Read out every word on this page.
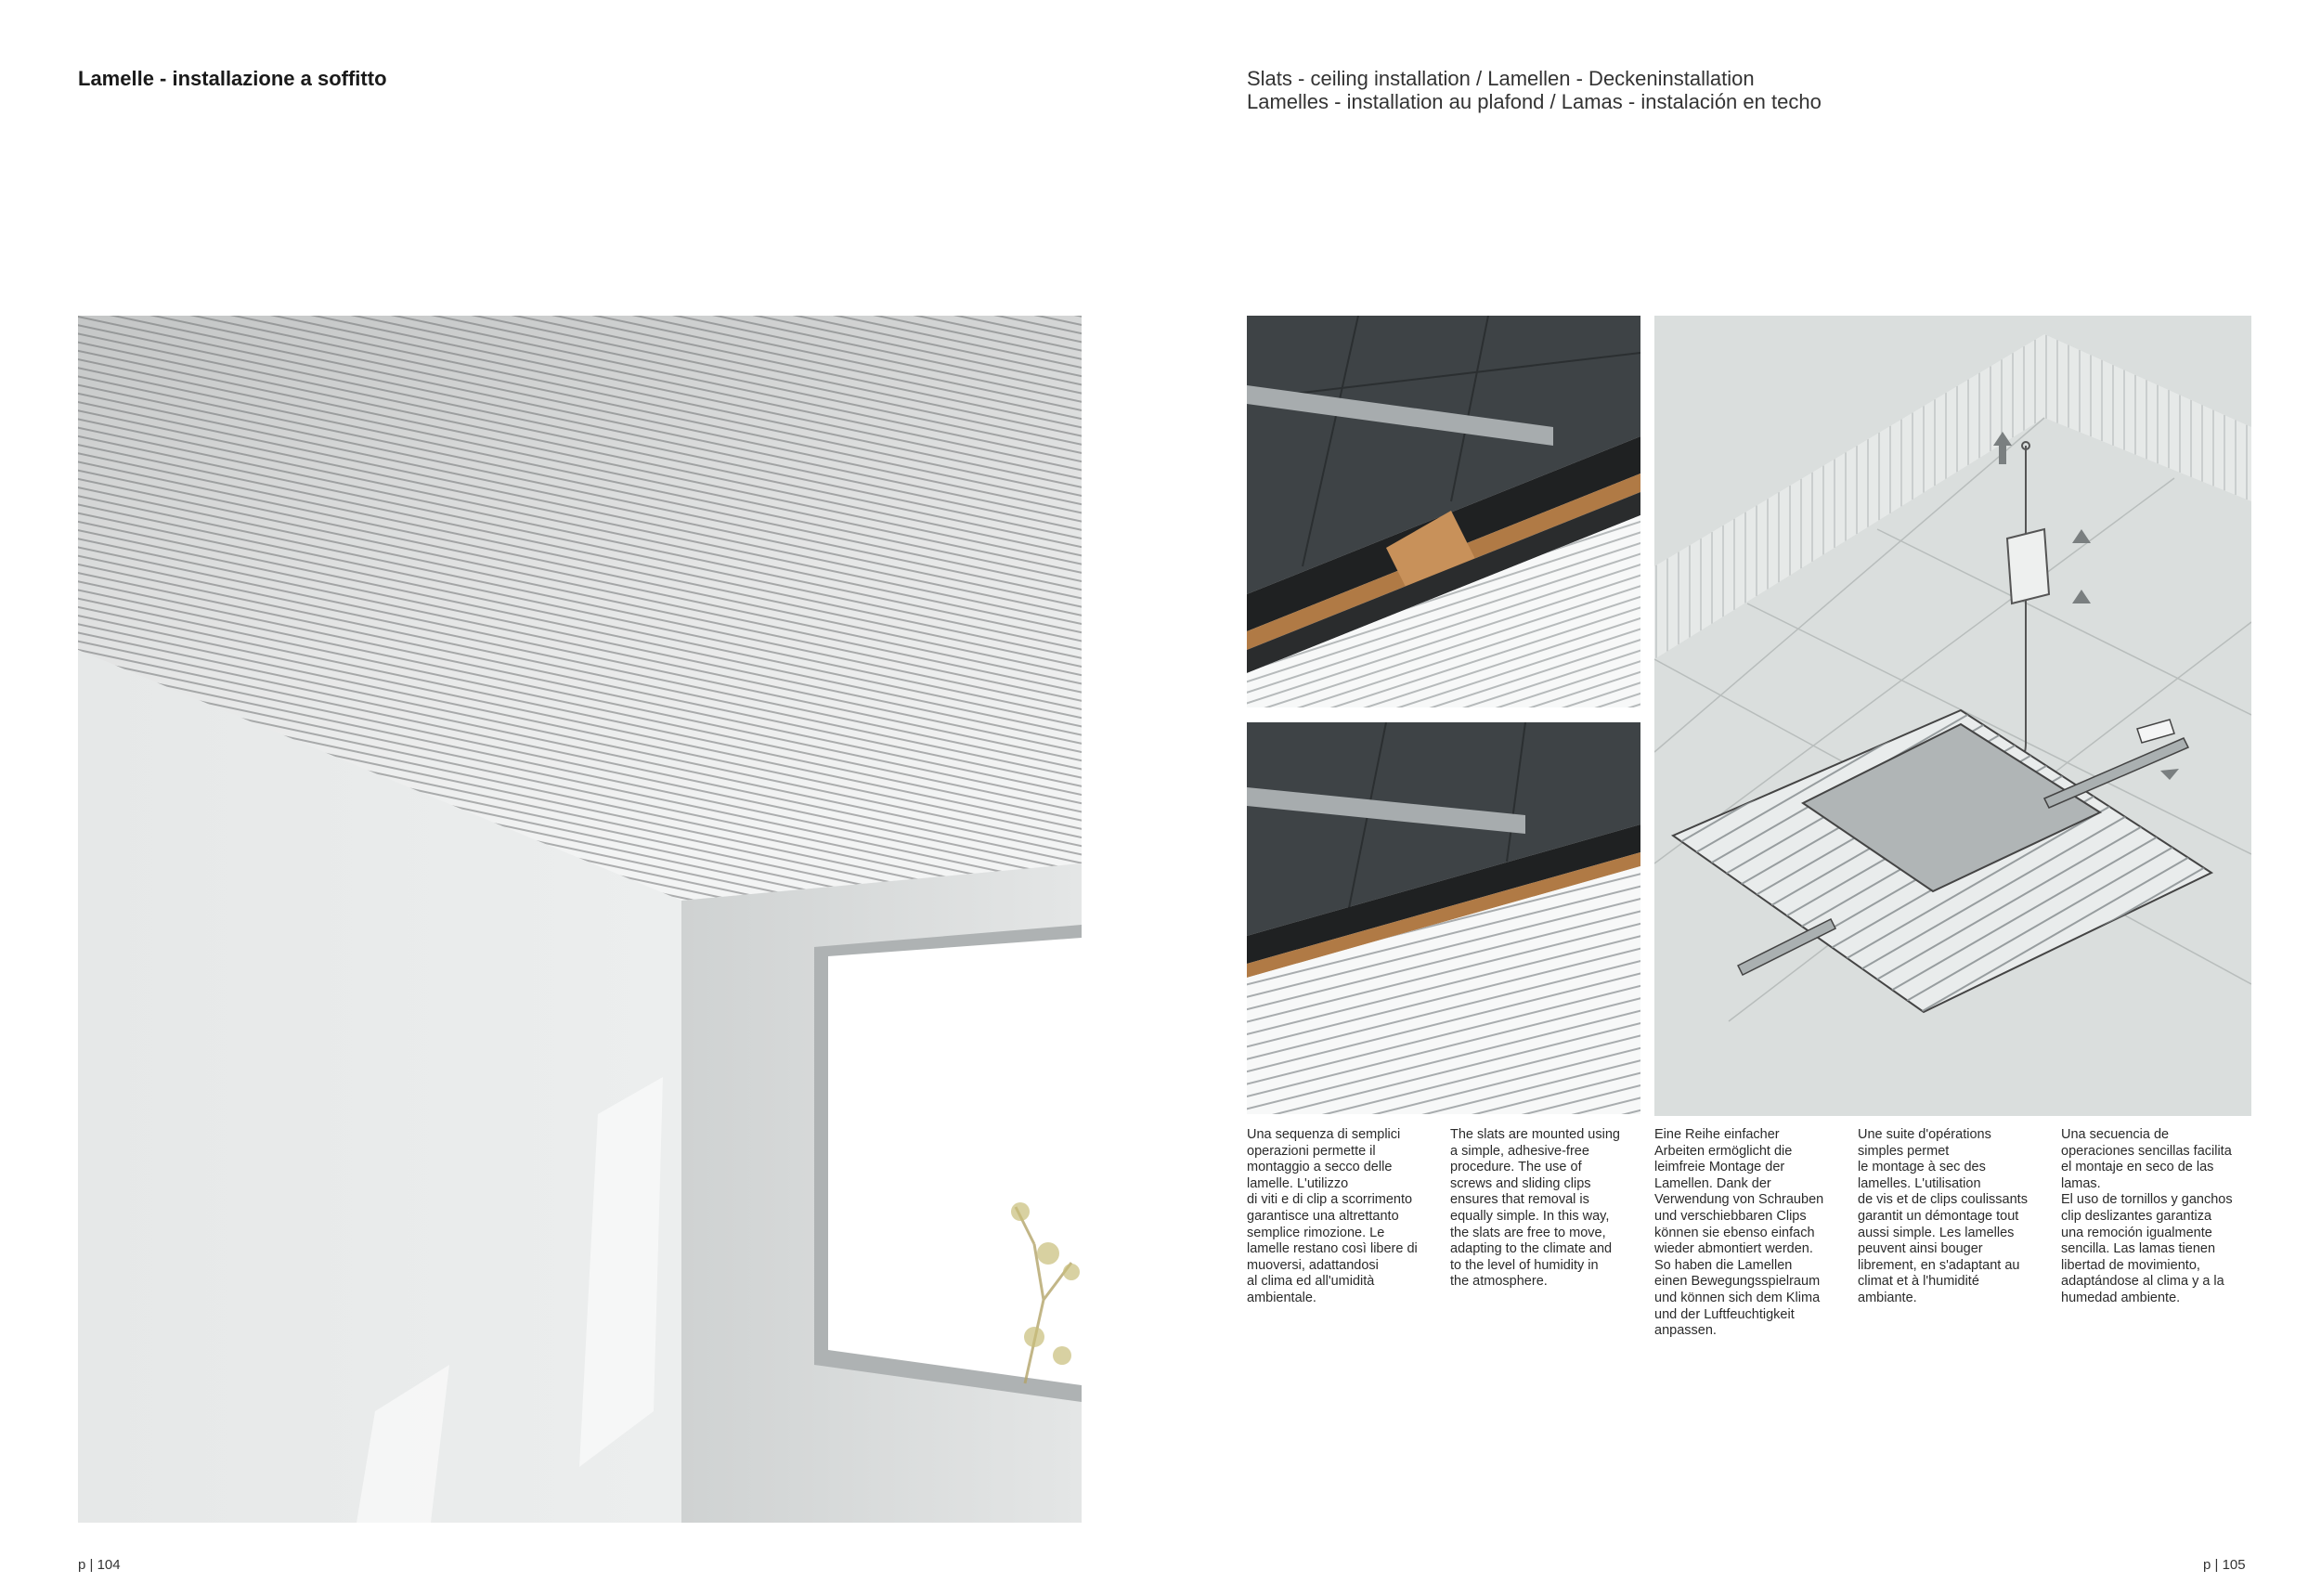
Lamelle - installazione a soffitto	Slats - ceiling installation / Lamellen - Deckeninstallation
Lamelles - installation au plafond / Lamas - instalación en techo
Una sequenza di semplici
operazioni permette il
montaggio a secco delle
lamelle. L'utilizzo
di viti e di clip a scorrimento
garantisce una altrettanto
semplice rimozione. Le
lamelle restano così libere di
muoversi, adattandosi
al clima ed all'umidità
ambientale.
The slats are mounted using
a simple, adhesive-free
procedure. The use of
screws and sliding clips
ensures that removal is
equally simple. In this way,
the slats are free to move,
adapting to the climate and
to the level of humidity in
the atmosphere.
Eine Reihe einfacher
Arbeiten ermöglicht die
leimfreie Montage der
Lamellen. Dank der
Verwendung von Schrauben
und verschiebbaren Clips
können sie ebenso einfach
wieder abmontiert werden.
So haben die Lamellen
einen Bewegungsspielraum
und können sich dem Klima
und der Luftfeuchtigkeit
anpassen.
Une suite d'opérations
simples permet
le montage à sec des
lamelles. L'utilisation
de vis et de clips coulissants
garantit un démontage tout
aussi simple. Les lamelles
peuvent ainsi bouger
librement, en s'adaptant au
climat et à l'humidité
ambiante.
Una secuencia de
operaciones sencillas facilita
el montaje en seco de las
lamas.
El uso de tornillos y ganchos
clip deslizantes garantiza
una remoción igualmente
sencilla. Las lamas tienen
libertad de movimiento,
adaptándose al clima y a la
humedad ambiente.
p | 104	p | 105
